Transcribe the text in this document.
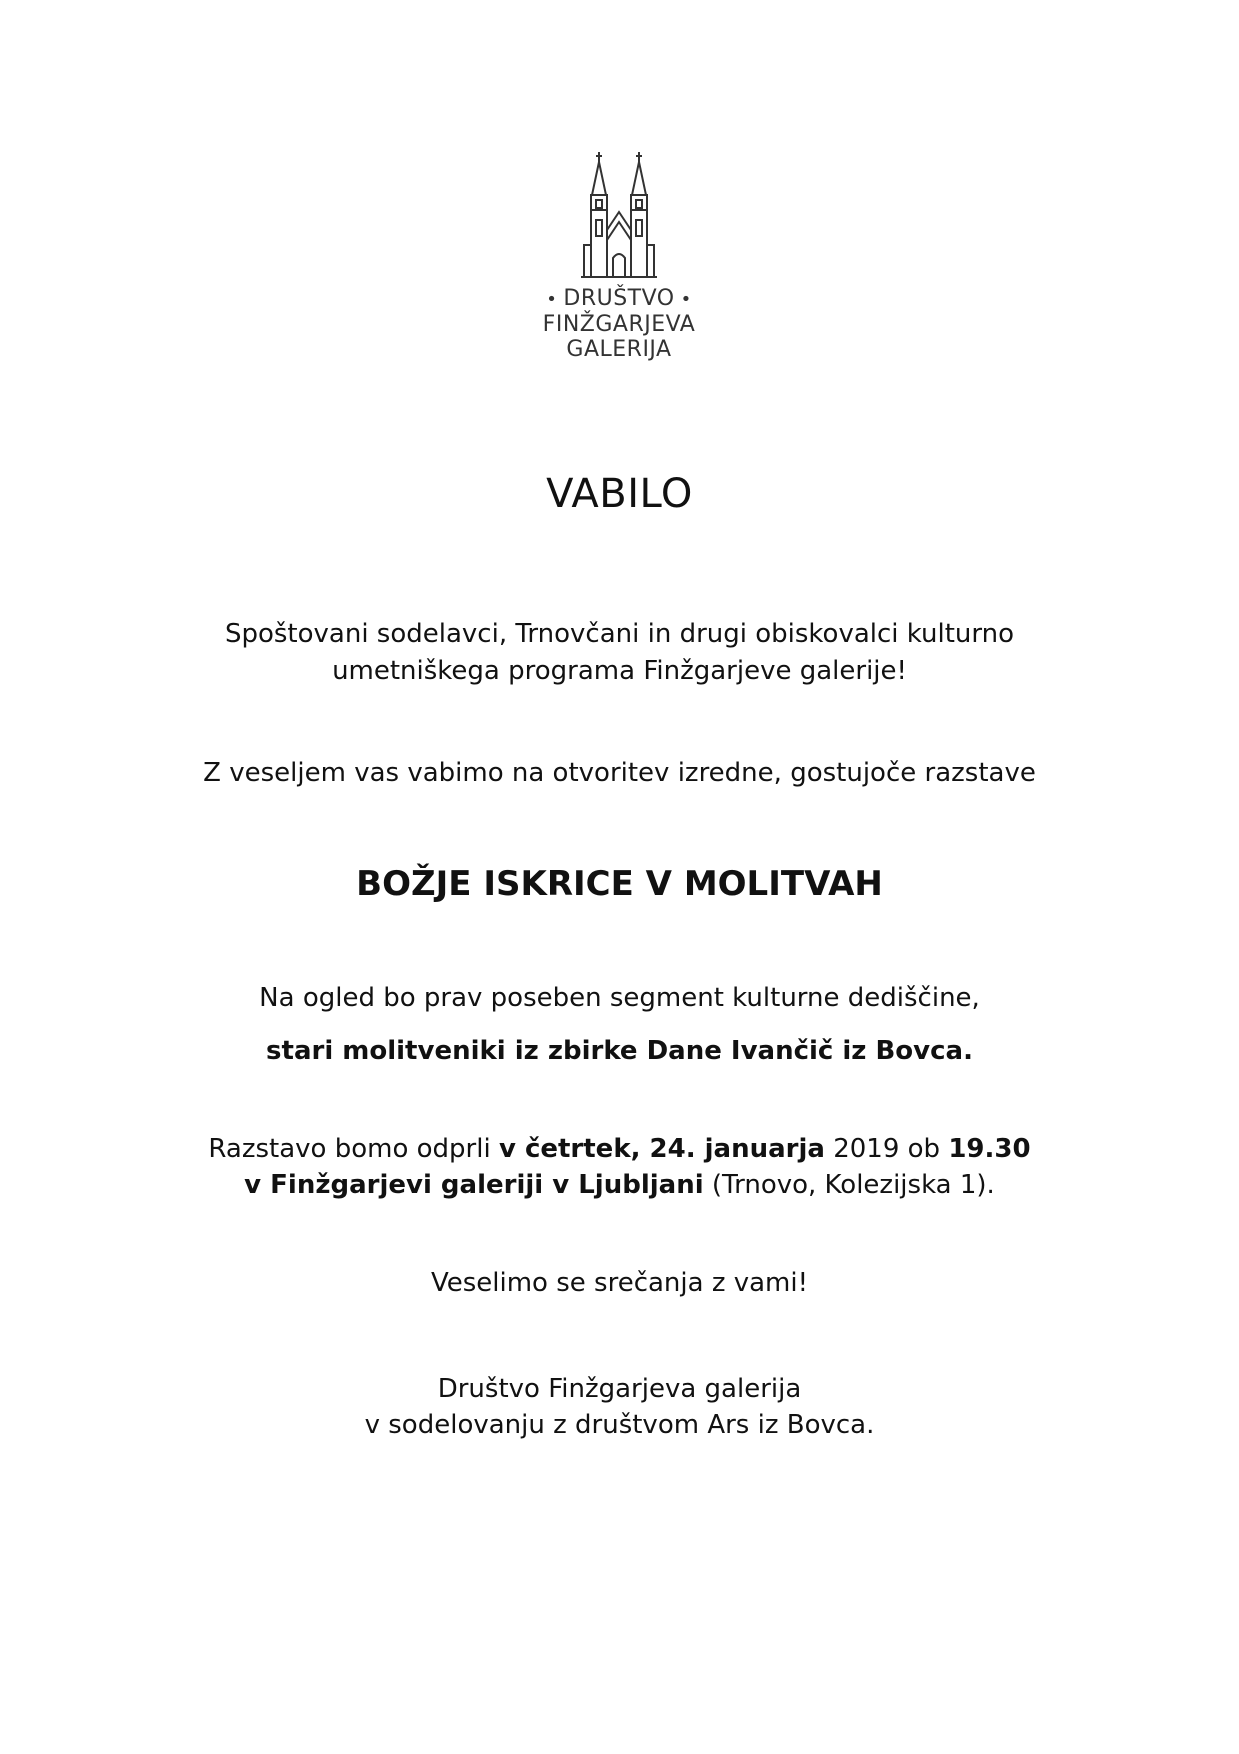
• DRUŠTVO •
FINŽGARJEVA
GALERIJA
VABILO
Spoštovani sodelavci, Trnovčani in drugi obiskovalci kulturno
umetniškega programa Finžgarjeve galerije!
Z veseljem vas vabimo na otvoritev izredne, gostujoče razstave
BOŽJE ISKRICE V MOLITVAH
Na ogled bo prav poseben segment kulturne dediščine,
stari molitveniki iz zbirke Dane Ivančič iz Bovca.
Razstavo bomo odprli v četrtek, 24. januarja 2019 ob 19.30
v Finžgarjevi galeriji v Ljubljani (Trnovo, Kolezijska 1).
Veselimo se srečanja z vami!
Društvo Finžgarjeva galerija
v sodelovanju z društvom Ars iz Bovca.
